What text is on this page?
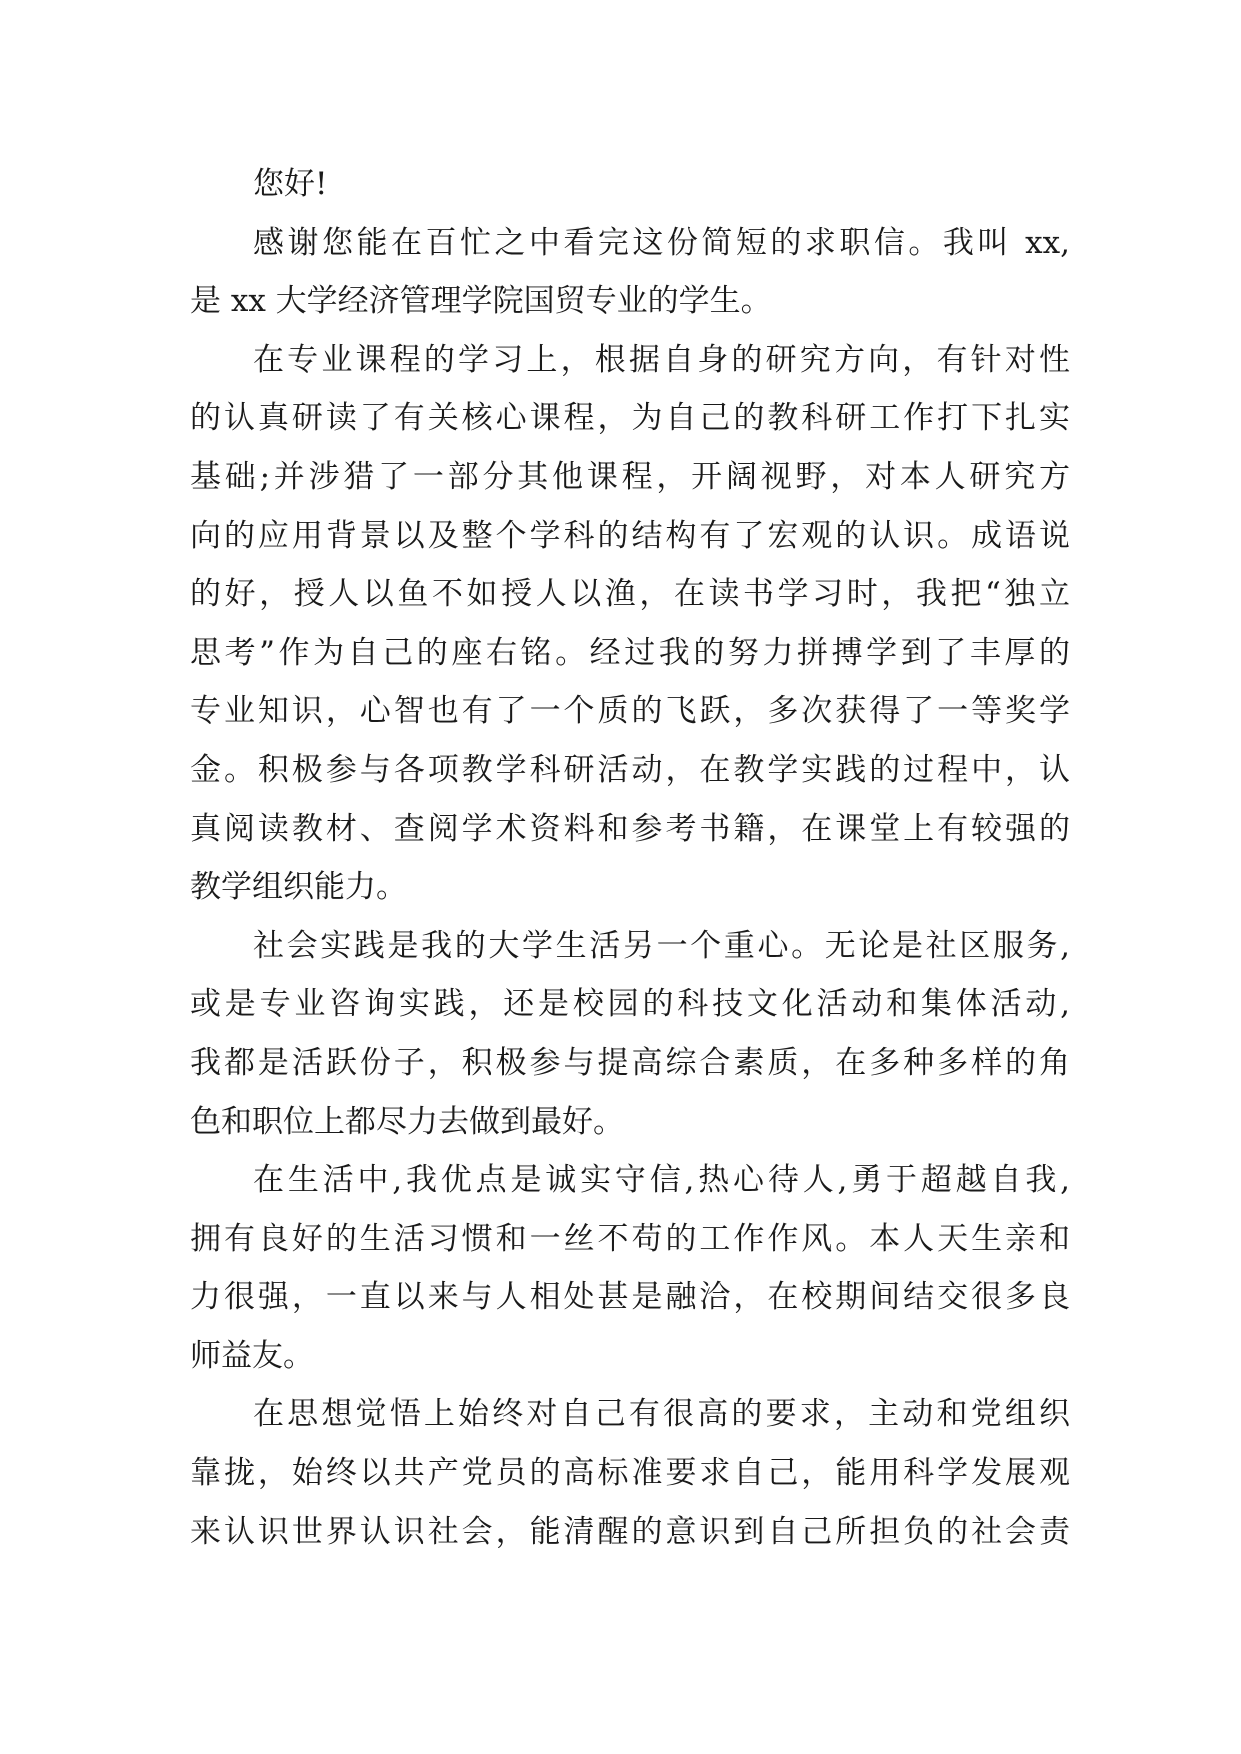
您好!
感谢您能在百忙之中看完这份简短的求职信。我叫 xx,
是 xx 大学经济管理学院国贸专业的学生。
在专业课程的学习上，根据自身的研究方向，有针对性
的认真研读了有关核心课程，为自己的教科研工作打下扎实
基础;并涉猎了一部分其他课程，开阔视野，对本人研究方
向的应用背景以及整个学科的结构有了宏观的认识。成语说
的好，授人以鱼不如授人以渔，在读书学习时，我把“独立
思考”作为自己的座右铭。经过我的努力拼搏学到了丰厚的
专业知识，心智也有了一个质的飞跃，多次获得了一等奖学
金。积极参与各项教学科研活动，在教学实践的过程中，认
真阅读教材、查阅学术资料和参考书籍，在课堂上有较强的
教学组织能力。
社会实践是我的大学生活另一个重心。无论是社区服务,
或是专业咨询实践，还是校园的科技文化活动和集体活动,
我都是活跃份子，积极参与提高综合素质，在多种多样的角
色和职位上都尽力去做到最好。
在生活中,我优点是诚实守信,热心待人,勇于超越自我,
拥有良好的生活习惯和一丝不苟的工作作风。本人天生亲和
力很强，一直以来与人相处甚是融洽，在校期间结交很多良
师益友。
在思想觉悟上始终对自己有很高的要求，主动和党组织
靠拢，始终以共产党员的高标准要求自己，能用科学发展观
来认识世界认识社会，能清醒的意识到自己所担负的社会责
